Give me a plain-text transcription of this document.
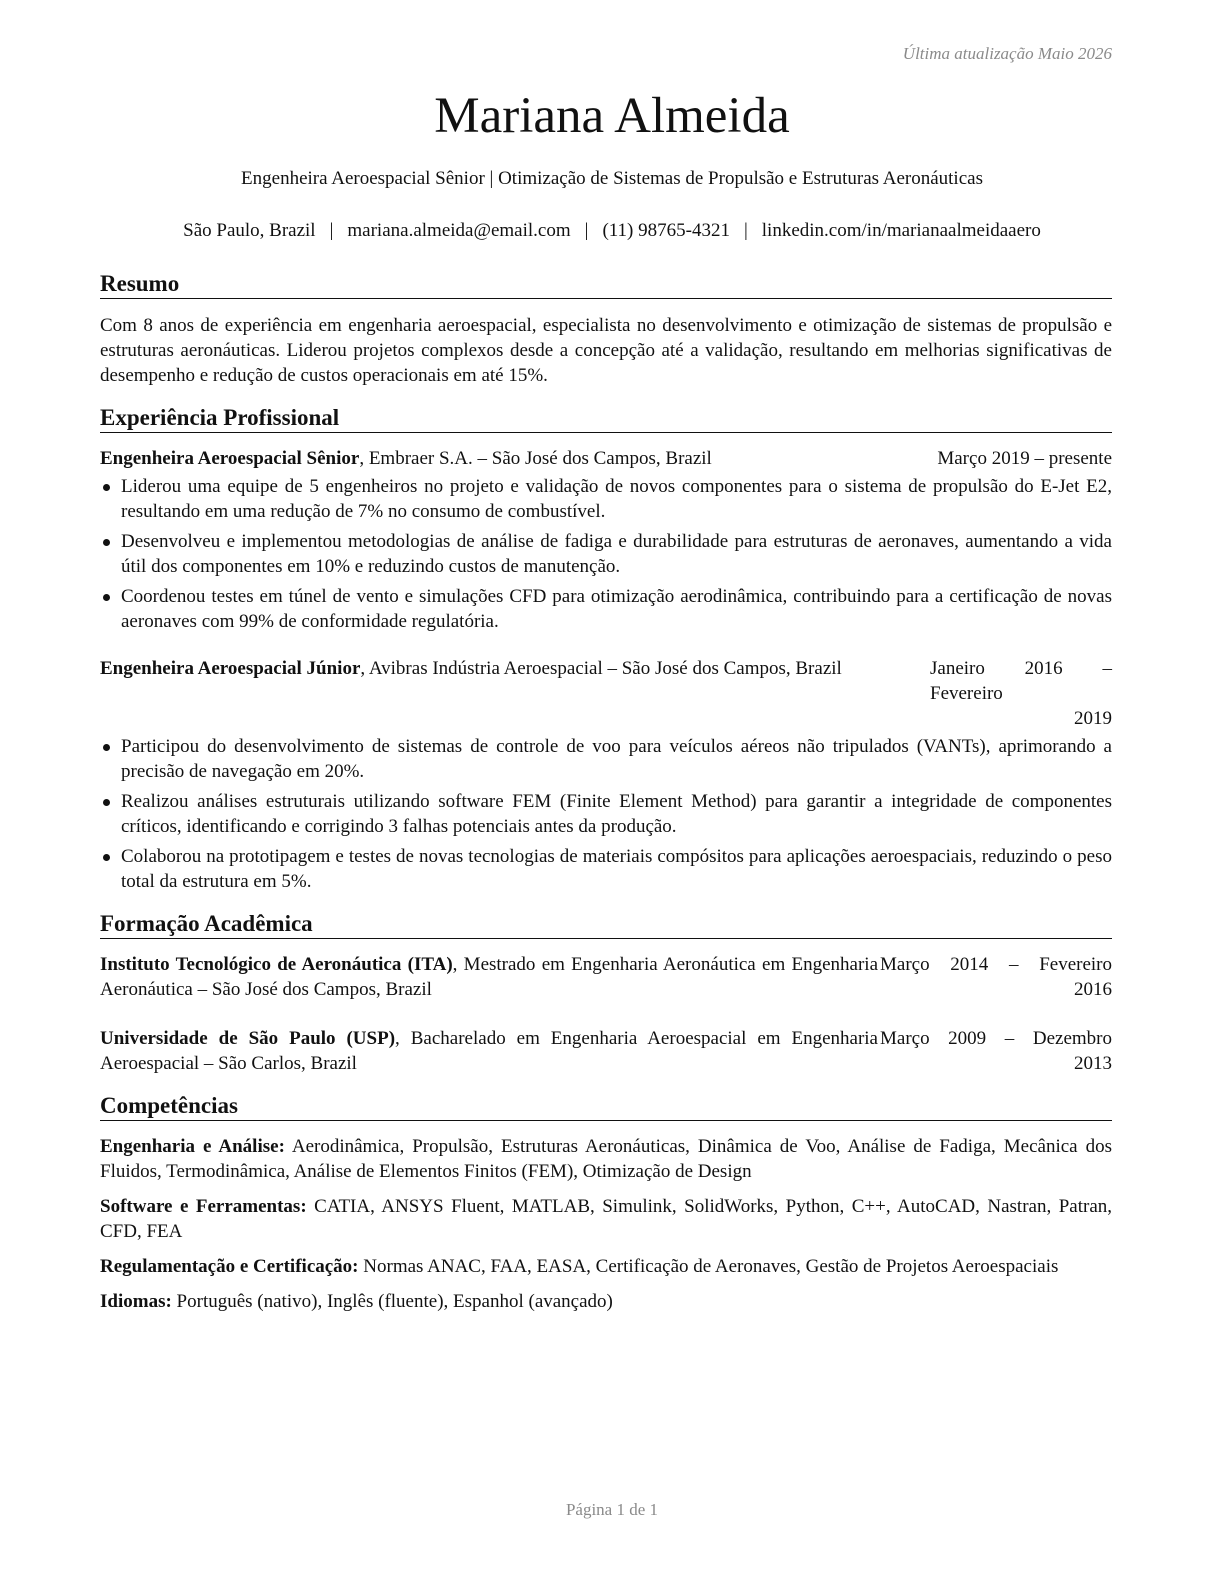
Última atualização Maio 2026
Mariana Almeida
Engenheira Aeroespacial Sênior | Otimização de Sistemas de Propulsão e Estruturas Aeronáuticas
São Paulo, Brazil | mariana.almeida@email.com | (11) 98765-4321 | linkedin.com/in/marianaalmeidaaero
Resumo

Com 8 anos de experiência em engenharia aeroespacial, especialista no desenvolvimento e otimização de sistemas de propulsão e estruturas aeronáuticas. Liderou projetos complexos desde a concepção até a validação, resultando em melhorias significativas de desempenho e redução de custos operacionais em até 15%.

Experiência Profissional
Engenheira Aeroespacial Sênior, Embraer S.A. – São José dos Campos, Brazil	Março 2019 – presente
Liderou uma equipe de 5 engenheiros no projeto e validação de novos componentes para o sistema de propulsão do E-Jet E2, resultando em uma redução de 7% no consumo de combustível.
Desenvolveu e implementou metodologias de análise de fadiga e durabilidade para estruturas de aeronaves, aumentando a vida útil dos componentes em 10% e reduzindo custos de manutenção.
Coordenou testes em túnel de vento e simulações CFD para otimização aerodinâmica, contribuindo para a certificação de novas aeronaves com 99% de conformidade regulatória.
Engenheira Aeroespacial Júnior, Avibras Indústria Aeroespacial – São José dos Campos, Brazil	Janeiro 2016 – Fevereiro
2019
Participou do desenvolvimento de sistemas de controle de voo para veículos aéreos não tripulados (VANTs), aprimorando a precisão de navegação em 20%.
Realizou análises estruturais utilizando software FEM (Finite Element Method) para garantir a integridade de componentes críticos, identificando e corrigindo 3 falhas potenciais antes da produção.
Colaborou na prototipagem e testes de novas tecnologias de materiais compósitos para aplicações aeroespaciais, reduzindo o peso total da estrutura em 5%.
Formação Acadêmica
Instituto Tecnológico de Aeronáutica (ITA), Mestrado em Engenharia Aeronáutica em Engenharia Aeronáutica – São José dos Campos, Brazil
Março 2014 – Fevereiro
2016
Universidade de São Paulo (USP), Bacharelado em Engenharia Aeroespacial em Engenharia Aeroespacial – São Carlos, Brazil
Março 2009 – Dezembro
2013
Competências
Engenharia e Análise: Aerodinâmica, Propulsão, Estruturas Aeronáuticas, Dinâmica de Voo, Análise de Fadiga, Mecânica dos Fluidos, Termodinâmica, Análise de Elementos Finitos (FEM), Otimização de Design
Software e Ferramentas: CATIA, ANSYS Fluent, MATLAB, Simulink, SolidWorks, Python, C++, AutoCAD, Nastran, Patran, CFD, FEA
Regulamentação e Certificação: Normas ANAC, FAA, EASA, Certificação de Aeronaves, Gestão de Projetos Aeroespaciais
Idiomas: Português (nativo), Inglês (fluente), Espanhol (avançado)
Página 1 de 1
